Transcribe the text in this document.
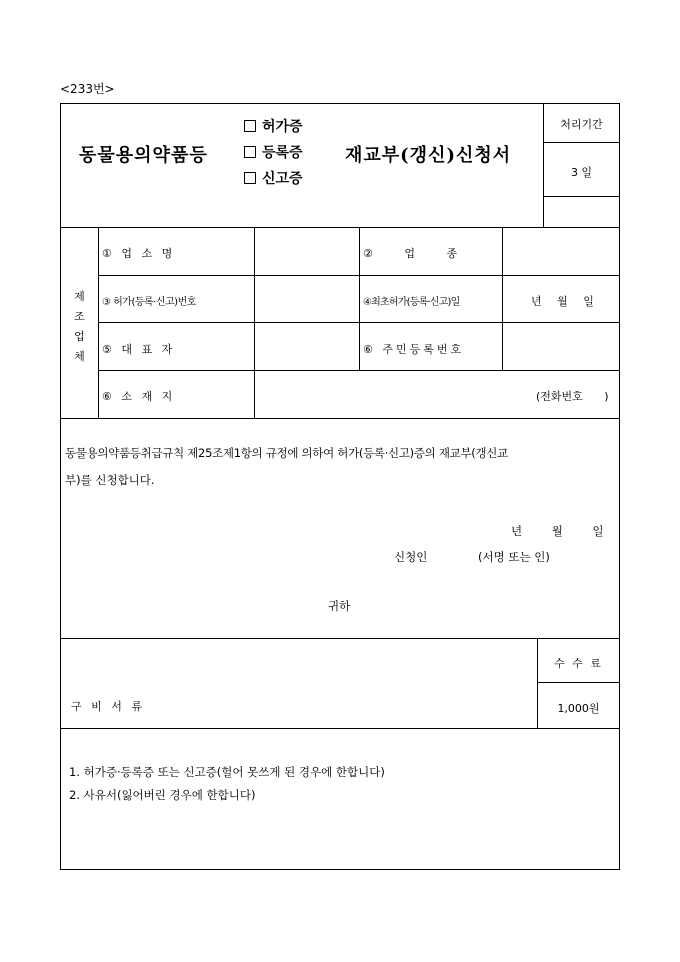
<233번>
동물용의약품등
허가증
등록증
신고증
재교부(갱신)신청서
처리기간
3 일
제
조
업
체
① 업 소 명	② 업 종
③ 허가(등록·신고)번호	④최초허가(등록·신고)일	년 월 일
⑤ 대 표 자	⑥ 주민등록번호
⑥ 소 재 지	(전화번호 )
동물용의약품등취급규칙 제25조제1항의 규정에 의하여 허가(등록·신고)증의 재교부(갱신교
부)를 신청합니다.
년 월 일
신청인	(서명 또는 인)
귀하
수 수 료
1,000원
구 비 서 류
1. 허가증·등록증 또는 신고증(헐어 못쓰게 된 경우에 한합니다)
2. 사유서(잃어버린 경우에 한합니다)
